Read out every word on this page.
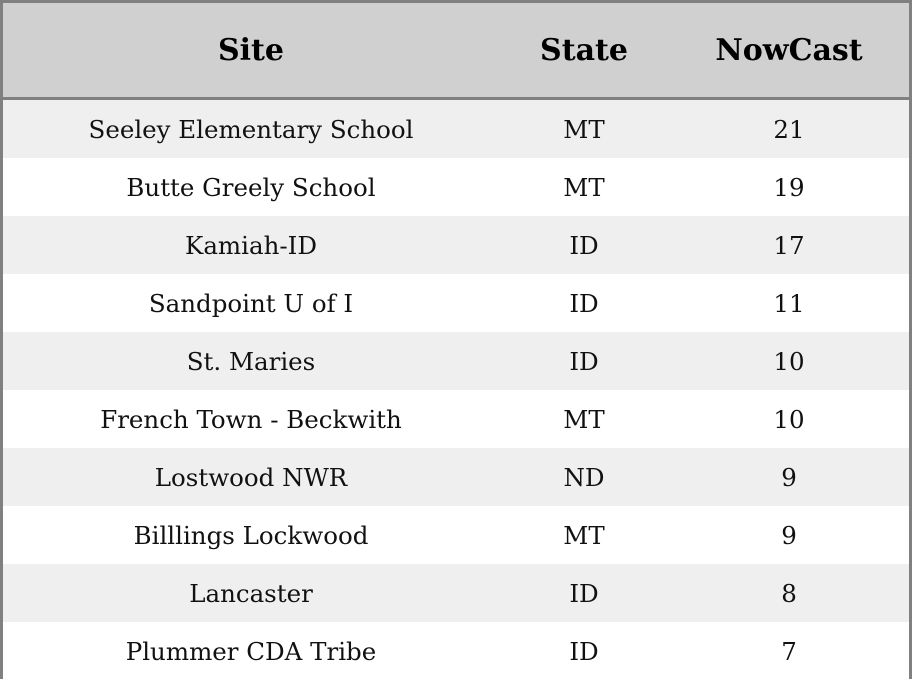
Site	State	NowCast
Seeley Elementary School	MT	21
Butte Greely School	MT	19
Kamiah-ID	ID	17
Sandpoint U of I	ID	11
St. Maries	ID	10
French Town - Beckwith	MT	10
Lostwood NWR	ND	9
Billlings Lockwood	MT	9
Lancaster	ID	8
Plummer CDA Tribe	ID	7
